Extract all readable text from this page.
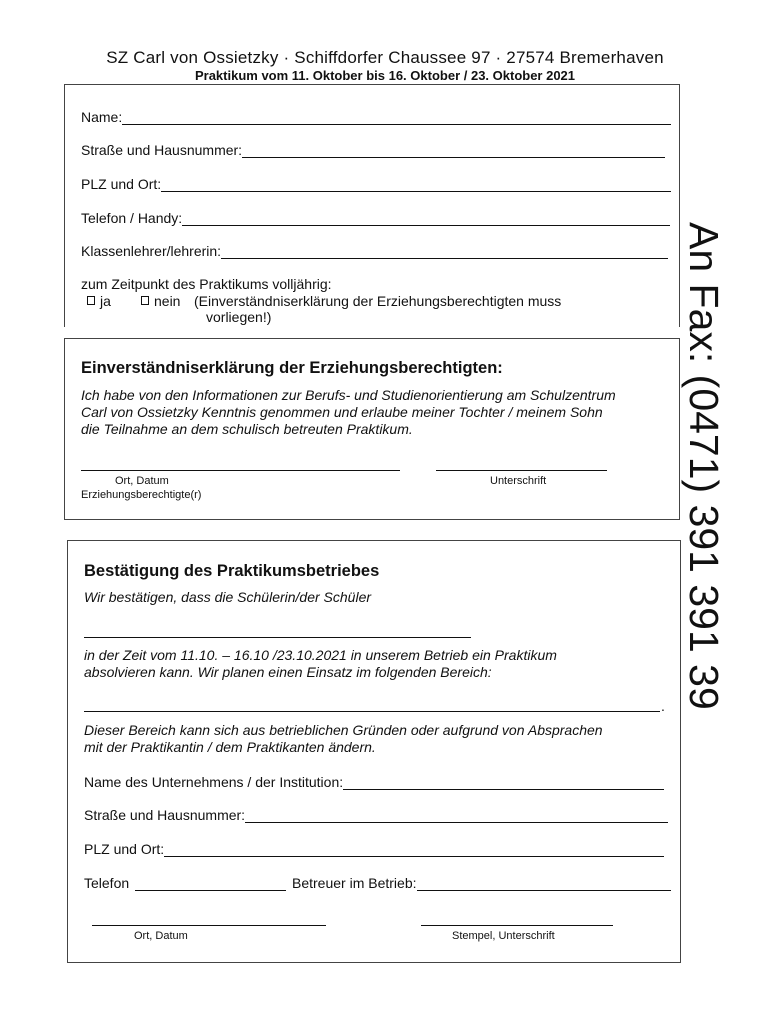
SZ Carl von Ossietzky · Schiffdorfer Chaussee 97 · 27574 Bremerhaven
Praktikum vom 11. Oktober bis 16. Oktober / 23. Oktober 2021
Name:
Straße und Hausnummer:
PLZ und Ort:
Telefon / Handy:
Klassenlehrer/lehrerin:
zum Zeitpunkt des Praktikums volljährig:
ja	nein (Einverständniserklärung der Erziehungsberechtigten muss
vorliegen!)
Einverständniserklärung der Erziehungsberechtigten:
Ich habe von den Informationen zur Berufs- und Studienorientierung am Schulzentrum
Carl von Ossietzky Kenntnis genommen und erlaube meiner Tochter / meinem Sohn
die Teilnahme an dem schulisch betreuten Praktikum.
Ort, Datum	Unterschrift
Erziehungsberechtigte(r)
Bestätigung des Praktikumsbetriebes
Wir bestätigen, dass die Schülerin/der Schüler
in der Zeit vom 11.10. – 16.10 /23.10.2021 in unserem Betrieb ein Praktikum
absolvieren kann. Wir planen einen Einsatz im folgenden Bereich:
.
Dieser Bereich kann sich aus betrieblichen Gründen oder aufgrund von Absprachen
mit der Praktikantin / dem Praktikanten ändern.
Name des Unternehmens / der Institution:
Straße und Hausnummer:
PLZ und Ort:
Telefon	Betreuer im Betrieb:
Ort, Datum	Stempel, Unterschrift
An Fax: (0471) 391 391 39
